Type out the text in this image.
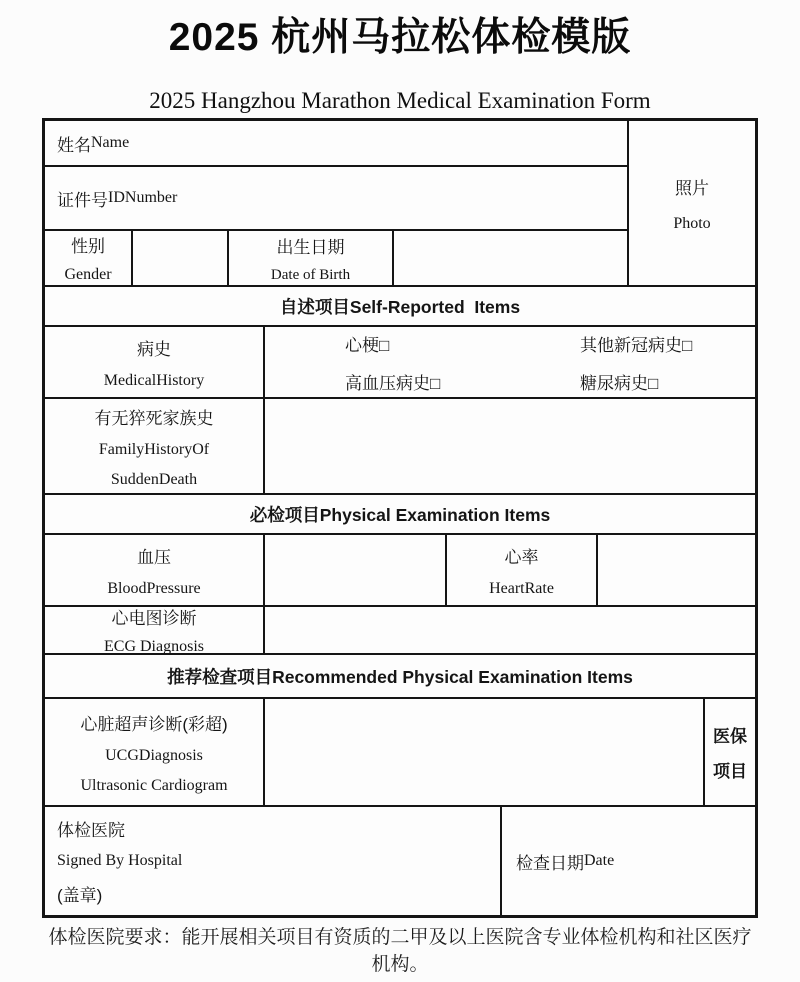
2025 杭州马拉松体检模版
2025 Hangzhou Marathon Medical Examination Form
姓名 Name
证件号 IDNumber
性别
Gender
出生日期
Date of Birth
照片
Photo
自述项目Self-Reported  Items
病史
MedicalHistory
心梗□
高血压病史□
其他新冠病史□
糖尿病史□
有无猝死家族史
FamilyHistoryOf
SuddenDeath
必检项目Physical Examination Items
血压
BloodPressure
心率
HeartRate
心电图诊断
ECG Diagnosis
推荐检查项目Recommended Physical Examination Items
心脏超声诊断(彩超)
UCGDiagnosis
Ultrasonic Cardiogram
医保
项目
体检医院
Signed By Hospital
(盖章)
检查日期 Date
体检医院要求：能开展相关项目有资质的二甲及以上医院含专业体检机构和社区医疗
机构。
